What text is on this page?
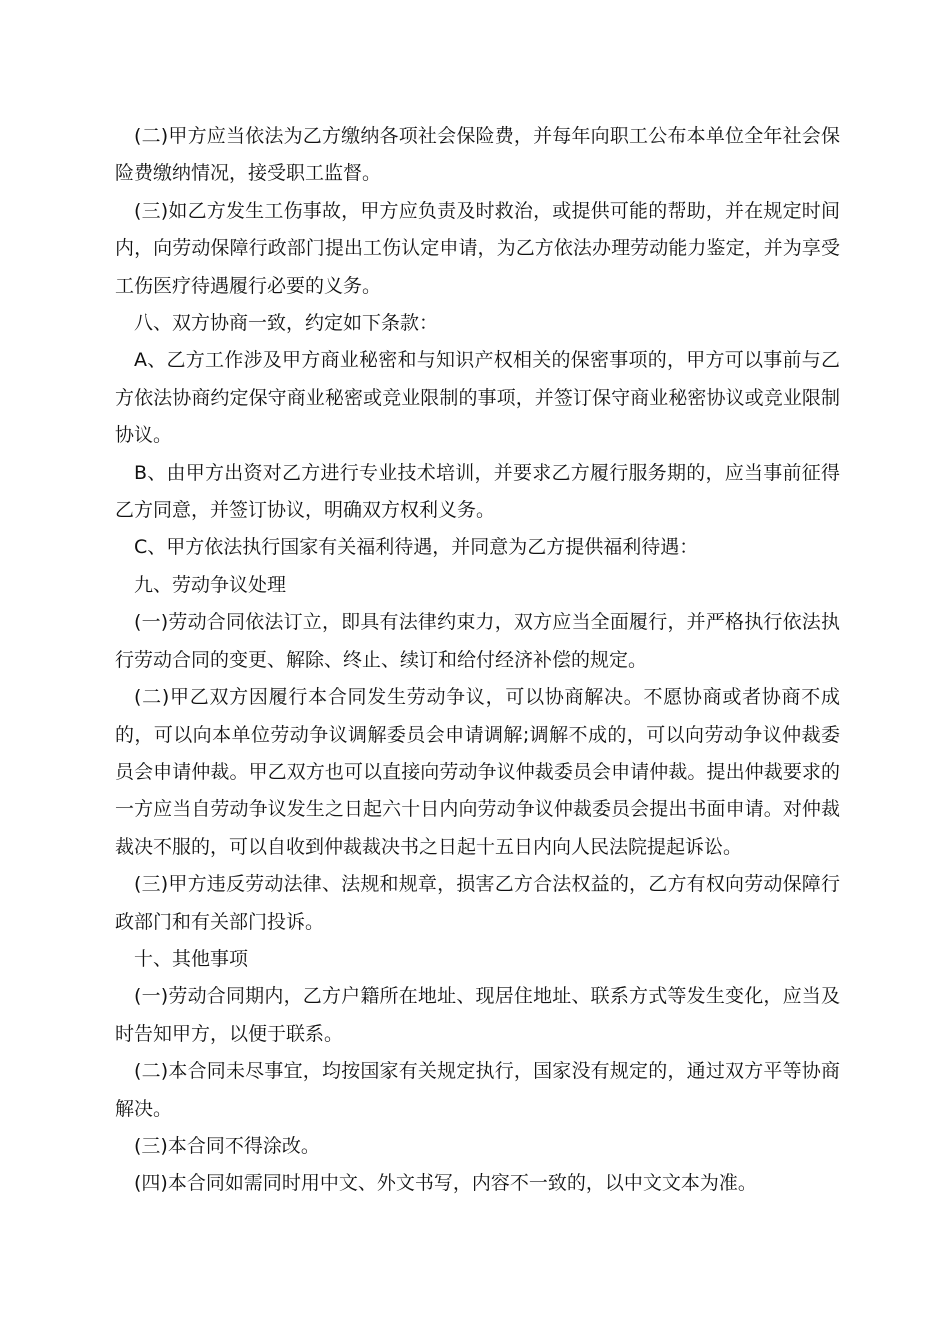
(二)甲方应当依法为乙方缴纳各项社会保险费，并每年向职工公布本单位全年社会保险费缴纳情况，接受职工监督。

(三)如乙方发生工伤事故，甲方应负责及时救治，或提供可能的帮助，并在规定时间内，向劳动保障行政部门提出工伤认定申请，为乙方依法办理劳动能力鉴定，并为享受工伤医疗待遇履行必要的义务。

八、双方协商一致，约定如下条款：

A、乙方工作涉及甲方商业秘密和与知识产权相关的保密事项的，甲方可以事前与乙方依法协商约定保守商业秘密或竞业限制的事项，并签订保守商业秘密协议或竞业限制协议。

B、由甲方出资对乙方进行专业技术培训，并要求乙方履行服务期的，应当事前征得乙方同意，并签订协议，明确双方权利义务。

C、甲方依法执行国家有关福利待遇，并同意为乙方提供福利待遇：

九、劳动争议处理

(一)劳动合同依法订立，即具有法律约束力，双方应当全面履行，并严格执行依法执行劳动合同的变更、解除、终止、续订和给付经济补偿的规定。

(二)甲乙双方因履行本合同发生劳动争议，可以协商解决。不愿协商或者协商不成的，可以向本单位劳动争议调解委员会申请调解;调解不成的，可以向劳动争议仲裁委员会申请仲裁。甲乙双方也可以直接向劳动争议仲裁委员会申请仲裁。提出仲裁要求的一方应当自劳动争议发生之日起六十日内向劳动争议仲裁委员会提出书面申请。对仲裁裁决不服的，可以自收到仲裁裁决书之日起十五日内向人民法院提起诉讼。

(三)甲方违反劳动法律、法规和规章，损害乙方合法权益的，乙方有权向劳动保障行政部门和有关部门投诉。

十、其他事项

(一)劳动合同期内，乙方户籍所在地址、现居住地址、联系方式等发生变化，应当及时告知甲方，以便于联系。

(二)本合同未尽事宜，均按国家有关规定执行，国家没有规定的，通过双方平等协商解决。

(三)本合同不得涂改。

(四)本合同如需同时用中文、外文书写，内容不一致的，以中文文本为准。
